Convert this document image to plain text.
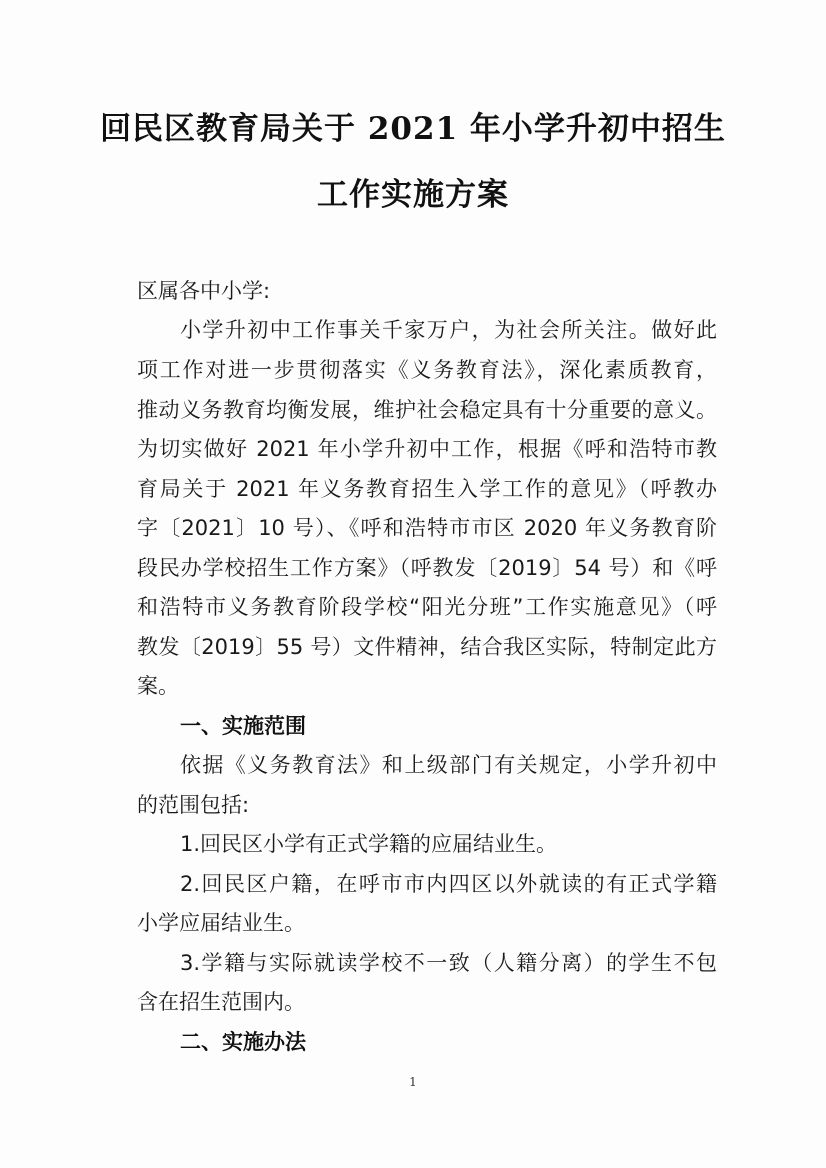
回民区教育局关于 2021 年小学升初中招生
工作实施方案
区属各中小学:
小学升初中工作事关千家万户，为社会所关注。做好此
项工作对进一步贯彻落实《义务教育法》，深化素质教育，
推动义务教育均衡发展，维护社会稳定具有十分重要的意义。
为切实做好 2021 年小学升初中工作，根据《呼和浩特市教
育局关于 2021 年义务教育招生入学工作的意见》（呼教办
字〔2021〕10 号）、《呼和浩特市市区 2020 年义务教育阶
段民办学校招生工作方案》（呼教发〔2019〕54 号）和《呼
和浩特市义务教育阶段学校“阳光分班”工作实施意见》（呼
教发〔2019〕55 号）文件精神，结合我区实际，特制定此方
案。
一、实施范围
依据《义务教育法》和上级部门有关规定，小学升初中
的范围包括:
1.回民区小学有正式学籍的应届结业生。
2.回民区户籍，在呼市市内四区以外就读的有正式学籍
小学应届结业生。
3.学籍与实际就读学校不一致（人籍分离）的学生不包
含在招生范围内。
二、实施办法
1
